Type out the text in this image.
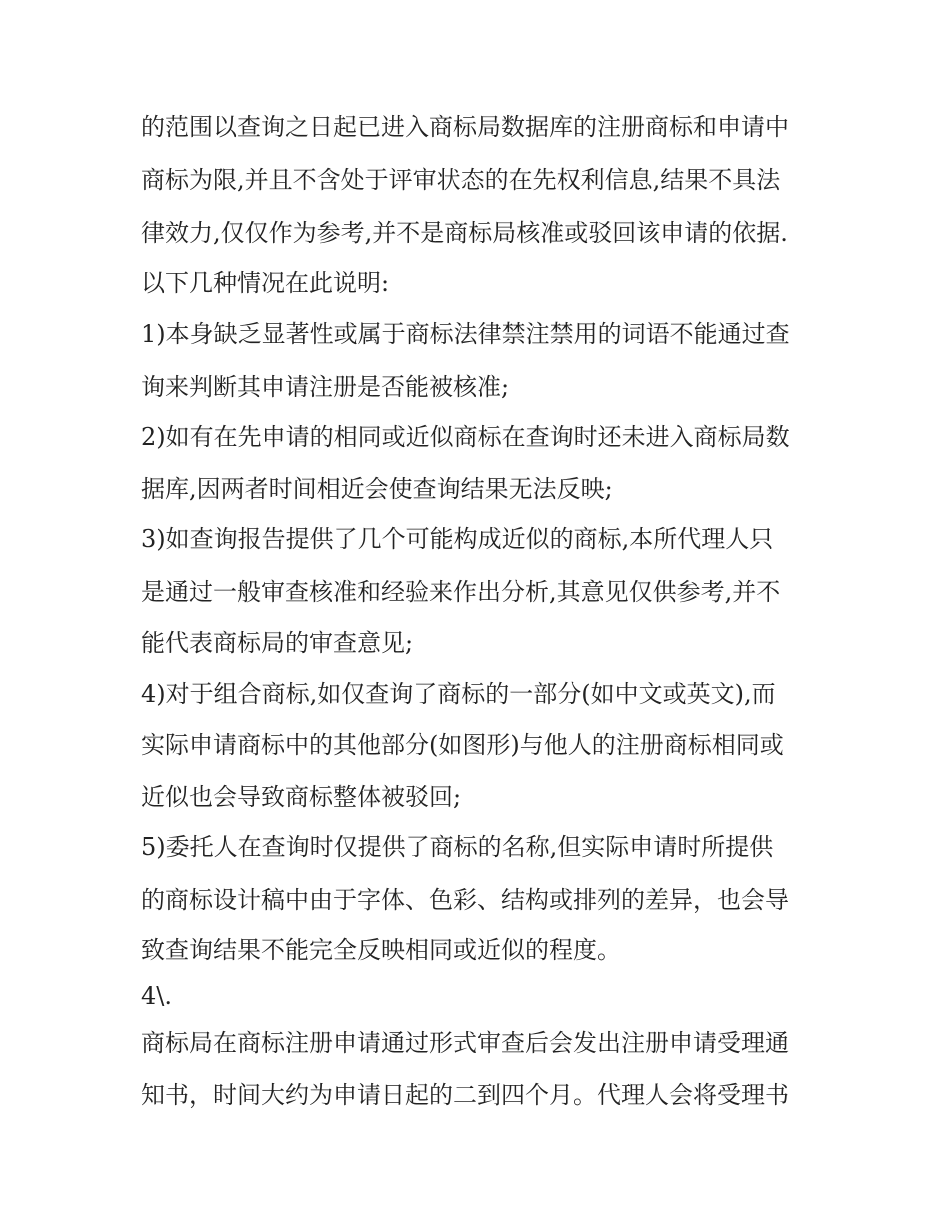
的范围以查询之日起已进入商标局数据库的注册商标和申请中
商标为限,并且不含处于评审状态的在先权利信息,结果不具法
律效力,仅仅作为参考,并不是商标局核准或驳回该申请的依据.
以下几种情况在此说明:
1)本身缺乏显著性或属于商标法律禁注禁用的词语不能通过查
询来判断其申请注册是否能被核准;
2)如有在先申请的相同或近似商标在查询时还未进入商标局数
据库,因两者时间相近会使查询结果无法反映;
3)如查询报告提供了几个可能构成近似的商标,本所代理人只
是通过一般审查核准和经验来作出分析,其意见仅供参考,并不
能代表商标局的审查意见;
4)对于组合商标,如仅查询了商标的一部分(如中文或英文),而
实际申请商标中的其他部分(如图形)与他人的注册商标相同或
近似也会导致商标整体被驳回;
5)委托人在查询时仅提供了商标的名称,但实际申请时所提供
的商标设计稿中由于字体、色彩、结构或排列的差异，也会导
致查询结果不能完全反映相同或近似的程度。
4\.
商标局在商标注册申请通过形式审查后会发出注册申请受理通
知书，时间大约为申请日起的二到四个月。代理人会将受理书
